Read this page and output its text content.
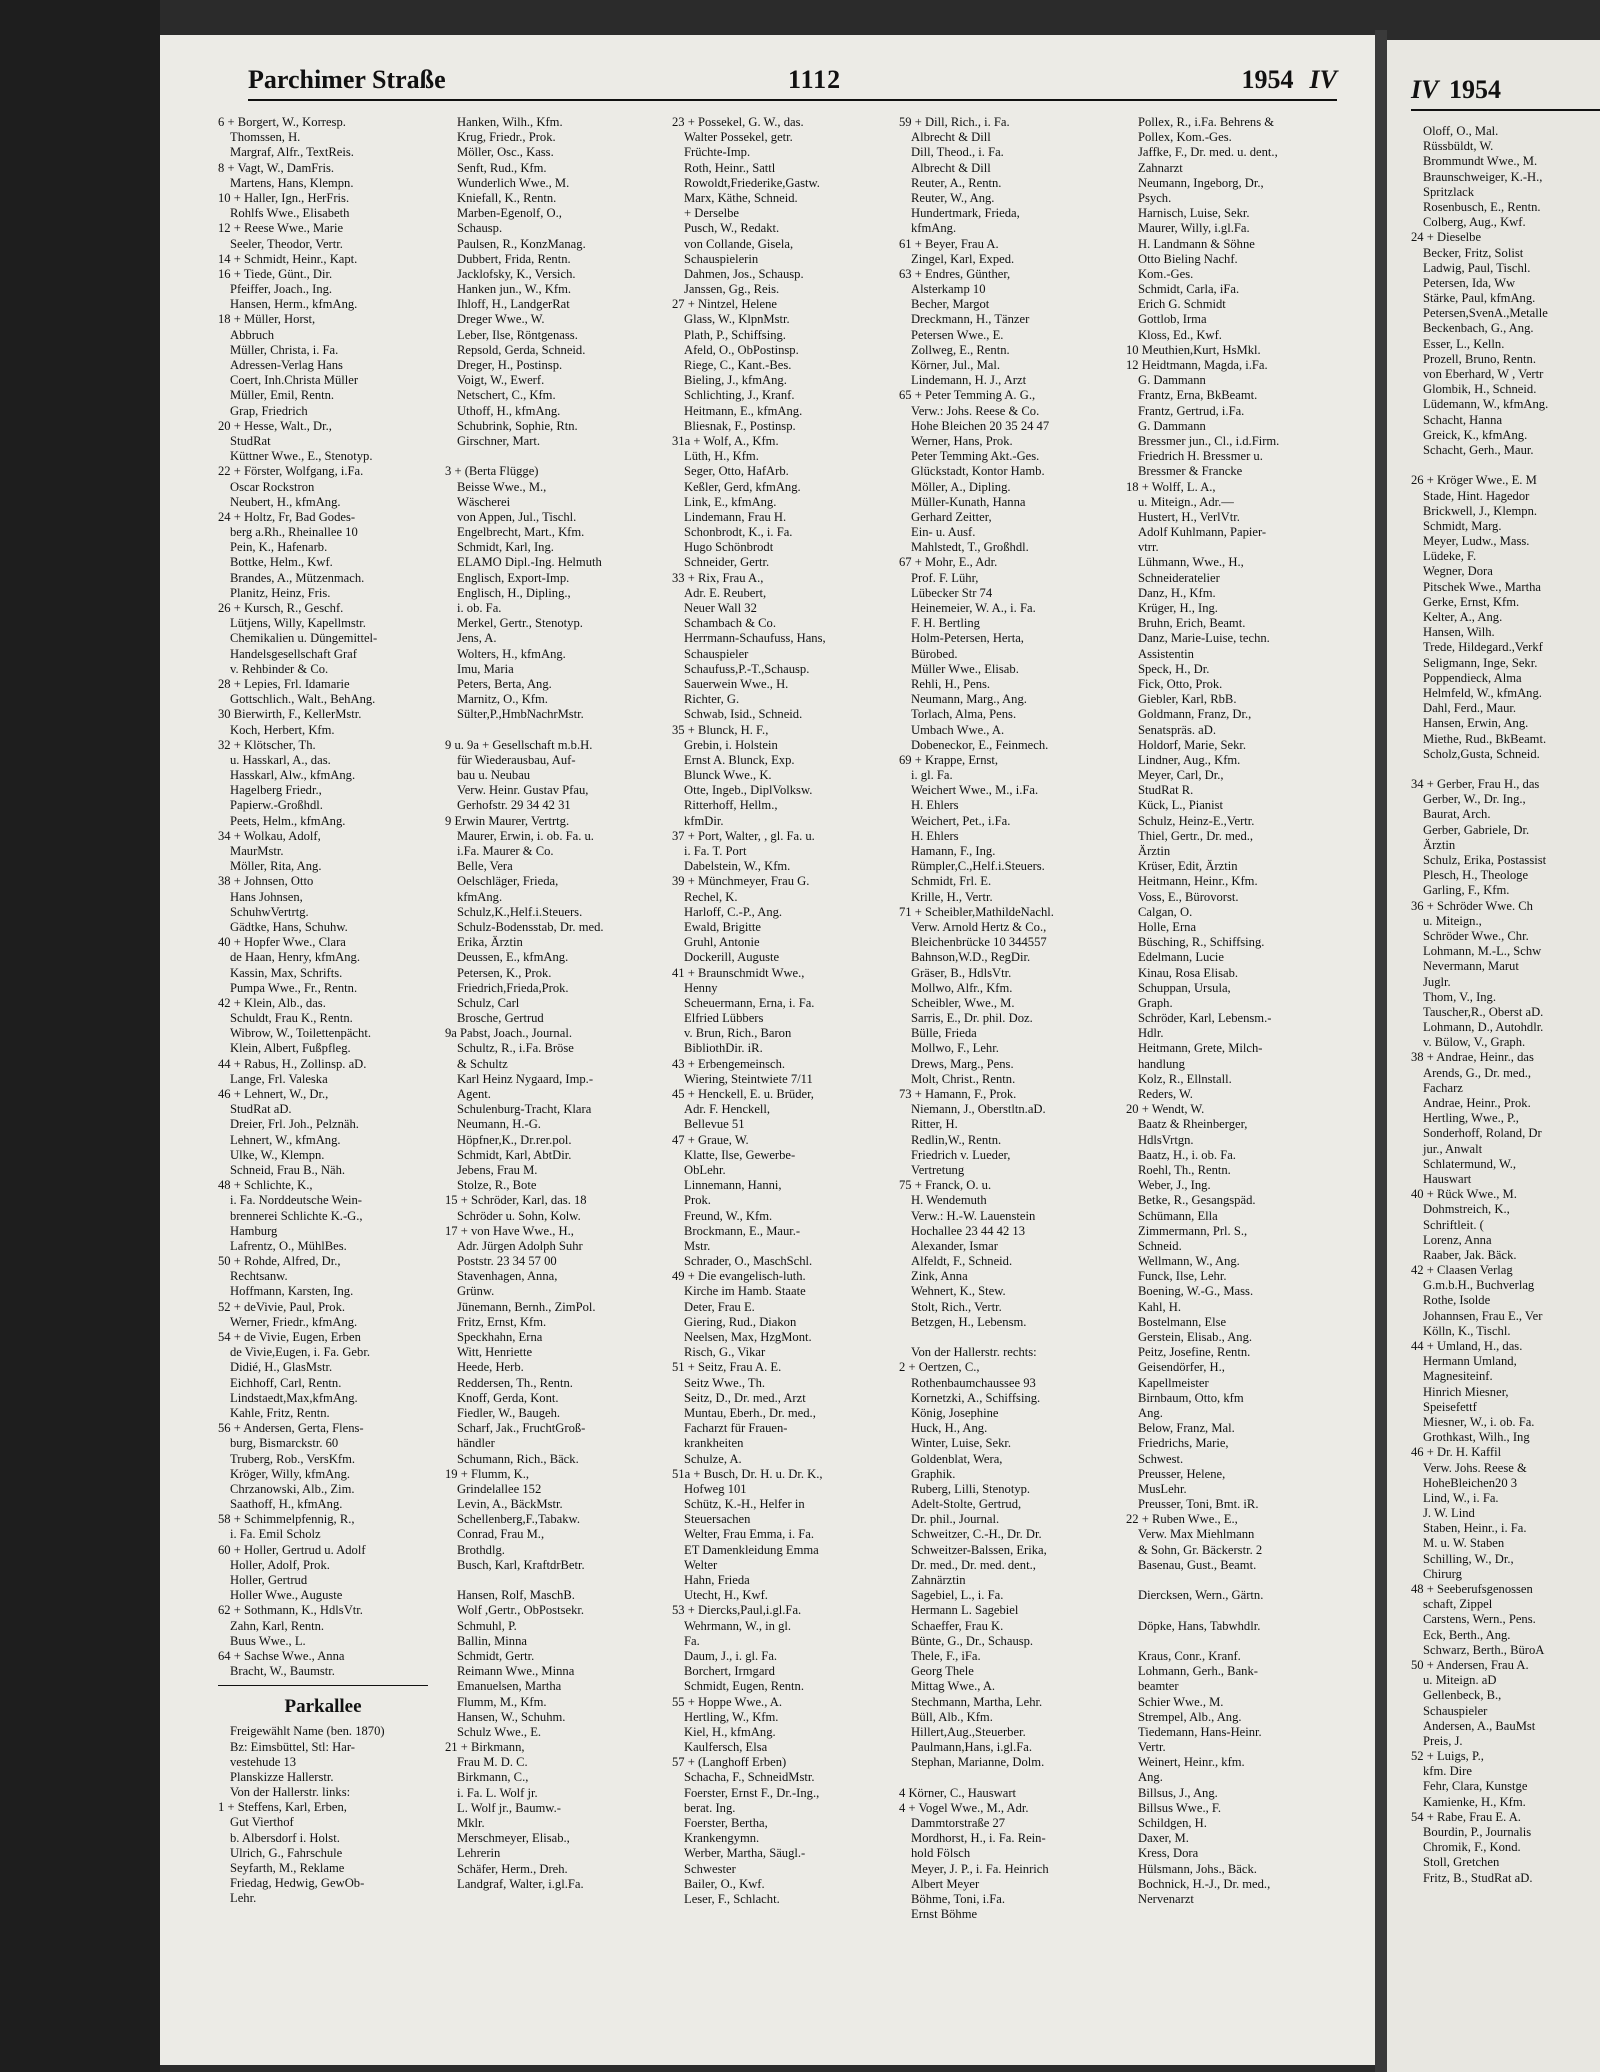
Parchimer Straße	1112	1954 IV
6 + Borgert, W., Korresp.
Thomssen, H.
Margraf, Alfr., TextReis.
8 + Vagt, W., DamFris.
Martens, Hans, Klempn.
10 + Haller, Ign., HerFris.
Rohlfs Wwe., Elisabeth
12 + Reese Wwe., Marie
Seeler, Theodor, Vertr.
14 + Schmidt, Heinr., Kapt.
16 + Tiede, Günt., Dir.
Pfeiffer, Joach., Ing.
Hansen, Herm., kfmAng.
18 + Müller, Horst,
Abbruch
Müller, Christa, i. Fa.
Adressen-Verlag Hans
Coert, Inh.Christa Müller
Müller, Emil, Rentn.
Grap, Friedrich
20 + Hesse, Walt., Dr.,
StudRat
Küttner Wwe., E., Stenotyp.
22 + Förster, Wolfgang, i.Fa.
Oscar Rockstron
Neubert, H., kfmAng.
24 + Holtz, Fr, Bad Godes-
berg a.Rh., Rheinallee 10
Pein, K., Hafenarb.
Bottke, Helm., Kwf.
Brandes, A., Mützenmach.
Planitz, Heinz, Fris.
26 + Kursch, R., Geschf.
Lütjens, Willy, Kapellmstr.
Chemikalien u. Düngemittel-
Handelsgesellschaft Graf
v. Rehbinder & Co.
28 + Lepies, Frl. Idamarie
Gottschlich., Walt., BehAng.
30 Bierwirth, F., KellerMstr.
Koch, Herbert, Kfm.
32 + Klötscher, Th.
u. Hasskarl, A., das.
Hasskarl, Alw., kfmAng.
Hagelberg Friedr.,
Papierw.-Großhdl.
Peets, Helm., kfmAng.
34 + Wolkau, Adolf,
MaurMstr.
Möller, Rita, Ang.
38 + Johnsen, Otto
Hans Johnsen,
SchuhwVertrtg.
Gädtke, Hans, Schuhw.
40 + Hopfer Wwe., Clara
de Haan, Henry, kfmAng.
Kassin, Max, Schrifts.
Pumpa Wwe., Fr., Rentn.
42 + Klein, Alb., das.
Schuldt, Frau K., Rentn.
Wibrow, W., Toilettenpächt.
Klein, Albert, Fußpfleg.
44 + Rabus, H., Zollinsp. aD.
Lange, Frl. Valeska
46 + Lehnert, W., Dr.,
StudRat aD.
Dreier, Frl. Joh., Pelznäh.
Lehnert, W., kfmAng.
Ulke, W., Klempn.
Schneid, Frau B., Näh.
48 + Schlichte, K.,
i. Fa. Norddeutsche Wein-
brennerei Schlichte K.-G.,
Hamburg
Lafrentz, O., MühlBes.
50 + Rohde, Alfred, Dr.,
Rechtsanw.
Hoffmann, Karsten, Ing.
52 + deVivie, Paul, Prok.
Werner, Friedr., kfmAng.
54 + de Vivie, Eugen, Erben
de Vivie,Eugen, i. Fa. Gebr.
Didié, H., GlasMstr.
Eichhoff, Carl, Rentn.
Lindstaedt,Max,kfmAng.
Kahle, Fritz, Rentn.
56 + Andersen, Gerta, Flens-
burg, Bismarckstr. 60
Truberg, Rob., VersKfm.
Kröger, Willy, kfmAng.
Chrzanowski, Alb., Zim.
Saathoff, H., kfmAng.
58 + Schimmelpfennig, R.,
i. Fa. Emil Scholz
60 + Holler, Gertrud u. Adolf
Holler, Adolf, Prok.
Holler, Gertrud
Holler Wwe., Auguste
62 + Sothmann, K., HdlsVtr.
Zahn, Karl, Rentn.
Buus Wwe., L.
64 + Sachse Wwe., Anna
Bracht, W., Baumstr.
Parkallee
Freigewählt Name (ben. 1870)
Bz: Eimsbüttel, Stl: Har-
vestehude 13
Planskizze Hallerstr.
Von der Hallerstr. links:
1 + Steffens, Karl, Erben,
Gut Vierthof
b. Albersdorf i. Holst.
Ulrich, G., Fahrschule
Seyfarth, M., Reklame
Friedag, Hedwig, GewOb-
Lehr.
Hanken, Wilh., Kfm.
Krug, Friedr., Prok.
Möller, Osc., Kass.
Senft, Rud., Kfm.
Wunderlich Wwe., M.
Kniefall, K., Rentn.
Marben-Egenolf, O.,
Schausp.
Paulsen, R., KonzManag.
Dubbert, Frida, Rentn.
Jacklofsky, K., Versich.
Hanken jun., W., Kfm.
Ihloff, H., LandgerRat
Dreger Wwe., W.
Leber, Ilse, Röntgenass.
Repsold, Gerda, Schneid.
Dreger, H., Postinsp.
Voigt, W., Ewerf.
Netschert, C., Kfm.
Uthoff, H., kfmAng.
Schubrink, Sophie, Rtn.
Girschner, Mart.
3 + (Berta Flügge)
Beisse Wwe., M.,
Wäscherei
von Appen, Jul., Tischl.
Engelbrecht, Mart., Kfm.
Schmidt, Karl, Ing.
ELAMO Dipl.-Ing. Helmuth
Englisch, Export-Imp.
Englisch, H., Dipling.,
i. ob. Fa.
Merkel, Gertr., Stenotyp.
Jens, A.
Wolters, H., kfmAng.
Imu, Maria
Peters, Berta, Ang.
Marnitz, O., Kfm.
Sülter,P.,HmbNachrMstr.
9 u. 9a + Gesellschaft m.b.H.
für Wiederausbau, Auf-
bau u. Neubau
Verw. Heinr. Gustav Pfau,
Gerhofstr. 29 34 42 31
9 Erwin Maurer, Vertrtg.
Maurer, Erwin, i. ob. Fa. u.
i.Fa. Maurer & Co.
Belle, Vera
Oelschläger, Frieda,
kfmAng.
Schulz,K.,Helf.i.Steuers.
Schulz-Bodensstab, Dr. med.
Erika, Ärztin
Deussen, E., kfmAng.
Petersen, K., Prok.
Friedrich,Frieda,Prok.
Schulz, Carl
Brosche, Gertrud
9a Pabst, Joach., Journal.
Schultz, R., i.Fa. Bröse
& Schultz
Karl Heinz Nygaard, Imp.-
Agent.
Schulenburg-Tracht, Klara
Neumann, H.-G.
Höpfner,K., Dr.rer.pol.
Schmidt, Karl, AbtDir.
Jebens, Frau M.
Stolze, R., Bote
15 + Schröder, Karl, das. 18
Schröder u. Sohn, Kolw.
17 + von Have Wwe., H.,
Adr. Jürgen Adolph Suhr
Poststr. 23 34 57 00
Stavenhagen, Anna,
Grünw.
Jünemann, Bernh., ZimPol.
Fritz, Ernst, Kfm.
Speckhahn, Erna
Witt, Henriette
Heede, Herb.
Reddersen, Th., Rentn.
Knoff, Gerda, Kont.
Fiedler, W., Baugeh.
Scharf, Jak., FruchtGroß-
händler
Schumann, Rich., Bäck.
19 + Flumm, K.,
Grindelallee 152
Levin, A., BäckMstr.
Schellenberg,F.,Tabakw.
Conrad, Frau M.,
Brothdlg.
Busch, Karl, KraftdrBetr.
Hansen, Rolf, MaschB.
Wolf ,Gertr., ObPostsekr.
Schmuhl, P.
Ballin, Minna
Schmidt, Gertr.
Reimann Wwe., Minna
Emanuelsen, Martha
Flumm, M., Kfm.
Hansen, W., Schuhm.
Schulz Wwe., E.
21 + Birkmann,
Frau M. D. C.
Birkmann, C.,
i. Fa. L. Wolf jr.
L. Wolf jr., Baumw.-
Mklr.
Merschmeyer, Elisab.,
Lehrerin
Schäfer, Herm., Dreh.
Landgraf, Walter, i.gl.Fa.
23 + Possekel, G. W., das.
Walter Possekel, getr.
Früchte-Imp.
Roth, Heinr., Sattl
Rowoldt,Friederike,Gastw.
Marx, Käthe, Schneid.
+ Derselbe
Pusch, W., Redakt.
von Collande, Gisela,
Schauspielerin
Dahmen, Jos., Schausp.
Janssen, Gg., Reis.
27 + Nintzel, Helene
Glass, W., KlpnMstr.
Plath, P., Schiffsing.
Afeld, O., ObPostinsp.
Riege, C., Kant.-Bes.
Bieling, J., kfmAng.
Schlichting, J., Kranf.
Heitmann, E., kfmAng.
Bliesnak, F., Postinsp.
31a + Wolf, A., Kfm.
Lüth, H., Kfm.
Seger, Otto, HafArb.
Keßler, Gerd, kfmAng.
Link, E., kfmAng.
Lindemann, Frau H.
Schonbrodt, K., i. Fa.
Hugo Schönbrodt
Schneider, Gertr.
33 + Rix, Frau A.,
Adr. E. Reubert,
Neuer Wall 32
Schambach & Co.
Herrmann-Schaufuss, Hans,
Schauspieler
Schaufuss,P.-T.,Schausp.
Sauerwein Wwe., H.
Richter, G.
Schwab, Isid., Schneid.
35 + Blunck, H. F.,
Grebin, i. Holstein
Ernst A. Blunck, Exp.
Blunck Wwe., K.
Otte, Ingeb., DiplVolksw.
Ritterhoff, Hellm.,
kfmDir.
37 + Port, Walter, , gl. Fa. u.
i. Fa. T. Port
Dabelstein, W., Kfm.
39 + Münchmeyer, Frau G.
Rechel, K.
Harloff, C.-P., Ang.
Ewald, Brigitte
Gruhl, Antonie
Dockerill, Auguste
41 + Braunschmidt Wwe.,
Henny
Scheuermann, Erna, i. Fa.
Elfried Lübbers
v. Brun, Rich., Baron
BibliothDir. iR.
43 + Erbengemeinsch.
Wiering, Steintwiete 7/11
45 + Henckell, E. u. Brüder,
Adr. F. Henckell,
Bellevue 51
47 + Graue, W.
Klatte, Ilse, Gewerbe-
ObLehr.
Linnemann, Hanni,
Prok.
Freund, W., Kfm.
Brockmann, E., Maur.-
Mstr.
Schrader, O., MaschSchl.
49 + Die evangelisch-luth.
Kirche im Hamb. Staate
Deter, Frau E.
Giering, Rud., Diakon
Neelsen, Max, HzgMont.
Risch, G., Vikar
51 + Seitz, Frau A. E.
Seitz Wwe., Th.
Seitz, D., Dr. med., Arzt
Muntau, Eberh., Dr. med.,
Facharzt für Frauen-
krankheiten
Schulze, A.
51a + Busch, Dr. H. u. Dr. K.,
Hofweg 101
Schütz, K.-H., Helfer in
Steuersachen
Welter, Frau Emma, i. Fa.
ET Damenkleidung Emma
Welter
Hahn, Frieda
Utecht, H., Kwf.
53 + Diercks,Paul,i.gl.Fa.
Wehrmann, W., in gl.
Fa.
Daum, J., i. gl. Fa.
Borchert, Irmgard
Schmidt, Eugen, Rentn.
55 + Hoppe Wwe., A.
Hertling, W., Kfm.
Kiel, H., kfmAng.
Kaulfersch, Elsa
57 + (Langhoff Erben)
Schacha, F., SchneidMstr.
Foerster, Ernst F., Dr.-Ing.,
berat. Ing.
Foerster, Bertha,
Krankengymn.
Werber, Martha, Säugl.-
Schwester
Bailer, O., Kwf.
Leser, F., Schlacht.
59 + Dill, Rich., i. Fa.
Albrecht & Dill
Dill, Theod., i. Fa.
Albrecht & Dill
Reuter, A., Rentn.
Reuter, W., Ang.
Hundertmark, Frieda,
kfmAng.
61 + Beyer, Frau A.
Zingel, Karl, Exped.
63 + Endres, Günther,
Alsterkamp 10
Becher, Margot
Dreckmann, H., Tänzer
Petersen Wwe., E.
Zollweg, E., Rentn.
Körner, Jul., Mal.
Lindemann, H. J., Arzt
65 + Peter Temming A. G.,
Verw.: Johs. Reese & Co.
Hohe Bleichen 20 35 24 47
Werner, Hans, Prok.
Peter Temming Akt.-Ges.
Glückstadt, Kontor Hamb.
Möller, A., Dipling.
Müller-Kunath, Hanna
Gerhard Zeitter,
Ein- u. Ausf.
Mahlstedt, T., Großhdl.
67 + Mohr, E., Adr.
Prof. F. Lühr,
Lübecker Str 74
Heinemeier, W. A., i. Fa.
F. H. Bertling
Holm-Petersen, Herta,
Bürobed.
Müller Wwe., Elisab.
Rehli, H., Pens.
Neumann, Marg., Ang.
Torlach, Alma, Pens.
Umbach Wwe., A.
Dobeneckor, E., Feinmech.
69 + Krappe, Ernst,
i. gl. Fa.
Weichert Wwe., M., i.Fa.
H. Ehlers
Weichert, Pet., i.Fa.
H. Ehlers
Hamann, F., Ing.
Rümpler,C.,Helf.i.Steuers.
Schmidt, Frl. E.
Krille, H., Vertr.
71 + Scheibler,MathildeNachl.
Verw. Arnold Hertz & Co.,
Bleichenbrücke 10 344557
Bahnson,W.D., RegDir.
Gräser, B., HdlsVtr.
Mollwo, Alfr., Kfm.
Scheibler, Wwe., M.
Sarris, E., Dr. phil. Doz.
Bülle, Frieda
Mollwo, F., Lehr.
Drews, Marg., Pens.
Molt, Christ., Rentn.
73 + Hamann, F., Prok.
Niemann, J., Oberstltn.aD.
Ritter, H.
Redlin,W., Rentn.
Friedrich v. Lueder,
Vertretung
75 + Franck, O. u.
H. Wendemuth
Verw.: H.-W. Lauenstein
Hochallee 23 44 42 13
Alexander, Ismar
Alfeldt, F., Schneid.
Zink, Anna
Wehnert, K., Stew.
Stolt, Rich., Vertr.
Betzgen, H., Lebensm.
Von der Hallerstr. rechts:
2 + Oertzen, C.,
Rothenbaumchaussee 93
Kornetzki, A., Schiffsing.
König, Josephine
Huck, H., Ang.
Winter, Luise, Sekr.
Goldenblat, Wera,
Graphik.
Ruberg, Lilli, Stenotyp.
Adelt-Stolte, Gertrud,
Dr. phil., Journal.
Schweitzer, C.-H., Dr. Dr.
Schweitzer-Balssen, Erika,
Dr. med., Dr. med. dent.,
Zahnärztin
Sagebiel, L., i. Fa.
Hermann L. Sagebiel
Schaeffer, Frau K.
Bünte, G., Dr., Schausp.
Thele, F., iFa.
Georg Thele
Mittag Wwe., A.
Stechmann, Martha, Lehr.
Büll, Alb., Kfm.
Hillert,Aug.,Steuerber.
Paulmann,Hans, i.gl.Fa.
Stephan, Marianne, Dolm.
4 Körner, C., Hauswart
4 + Vogel Wwe., M., Adr.
Dammtorstraße 27
Mordhorst, H., i. Fa. Rein-
hold Fölsch
Meyer, J. P., i. Fa. Heinrich
Albert Meyer
Böhme, Toni, i.Fa.
Ernst Böhme
Pollex, R., i.Fa. Behrens &
Pollex, Kom.-Ges.
Jaffke, F., Dr. med. u. dent.,
Zahnarzt
Neumann, Ingeborg, Dr.,
Psych.
Harnisch, Luise, Sekr.
Maurer, Willy, i.gl.Fa.
H. Landmann & Söhne
Otto Bieling Nachf.
Kom.-Ges.
Schmidt, Carla, iFa.
Erich G. Schmidt
Gottlob, Irma
Kloss, Ed., Kwf.
10 Meuthien,Kurt, HsMkl.
12 Heidtmann, Magda, i.Fa.
G. Dammann
Frantz, Erna, BkBeamt.
Frantz, Gertrud, i.Fa.
G. Dammann
Bressmer jun., Cl., i.d.Firm.
Friedrich H. Bressmer u.
Bressmer & Francke
18 + Wolff, L. A.,
u. Miteign., Adr.—
Hustert, H., VerlVtr.
Adolf Kuhlmann, Papier-
vtrr.
Lühmann, Wwe., H.,
Schneideratelier
Danz, H., Kfm.
Krüger, H., Ing.
Bruhn, Erich, Beamt.
Danz, Marie-Luise, techn.
Assistentin
Speck, H., Dr.
Fick, Otto, Prok.
Giebler, Karl, RbB.
Goldmann, Franz, Dr.,
Senatspräs. aD.
Holdorf, Marie, Sekr.
Lindner, Aug., Kfm.
Meyer, Carl, Dr.,
StudRat R.
Kück, L., Pianist
Schulz, Heinz-E.,Vertr.
Thiel, Gertr., Dr. med.,
Ärztin
Krüser, Edit, Ärztin
Heitmann, Heinr., Kfm.
Voss, E., Bürovorst.
Calgan, O.
Holle, Erna
Büsching, R., Schiffsing.
Edelmann, Lucie
Kinau, Rosa Elisab.
Schuppan, Ursula,
Graph.
Schröder, Karl, Lebensm.-
Hdlr.
Heitmann, Grete, Milch-
handlung
Kolz, R., Ellnstall.
Reders, W.
20 + Wendt, W.
Baatz & Rheinberger,
HdlsVrtgn.
Baatz, H., i. ob. Fa.
Roehl, Th., Rentn.
Weber, J., Ing.
Betke, R., Gesangspäd.
Schümann, Ella
Zimmermann, Prl. S.,
Schneid.
Wellmann, W., Ang.
Funck, Ilse, Lehr.
Boening, W.-G., Mass.
Kahl, H.
Bostelmann, Else
Gerstein, Elisab., Ang.
Peitz, Josefine, Rentn.
Geisendörfer, H.,
Kapellmeister
Birnbaum, Otto, kfm
Ang.
Below, Franz, Mal.
Friedrichs, Marie,
Schwest.
Preusser, Helene,
MusLehr.
Preusser, Toni, Bmt. iR.
22 + Ruben Wwe., E.,
Verw. Max Miehlmann
& Sohn, Gr. Bäckerstr. 2
Basenau, Gust., Beamt.
Diercksen, Wern., Gärtn.
Döpke, Hans, Tabwhdlr.
Kraus, Conr., Kranf.
Lohmann, Gerh., Bank-
beamter
Schier Wwe., M.
Strempel, Alb., Ang.
Tiedemann, Hans-Heinr.
Vertr.
Weinert, Heinr., kfm.
Ang.
Billsus, J., Ang.
Billsus Wwe., F.
Schildgen, H.
Daxer, M.
Kress, Dora
Hülsmann, Johs., Bäck.
Bochnick, H.-J., Dr. med.,
Nervenarzt
IV 1954
Oloff, O., Mal.
Rüssbüldt, W.
Brommundt Wwe., M.
Braunschweiger, K.-H.,
Spritzlack
Rosenbusch, E., Rentn.
Colberg, Aug., Kwf.
24 + Dieselbe
Becker, Fritz, Solist
Ladwig, Paul, Tischl.
Petersen, Ida, Ww
Stärke, Paul, kfmAng.
Petersen,SvenA.,Metalle
Beckenbach, G., Ang.
Esser, L., Kelln.
Prozell, Bruno, Rentn.
von Eberhard, W , Vertr
Glombik, H., Schneid.
Lüdemann, W., kfmAng.
Schacht, Hanna
Greick, K., kfmAng.
Schacht, Gerh., Maur.
26 + Kröger Wwe., E. M
Stade, Hint. Hagedor
Brickwell, J., Klempn.
Schmidt, Marg.
Meyer, Ludw., Mass.
Lüdeke, F.
Wegner, Dora
Pitschek Wwe., Martha
Gerke, Ernst, Kfm.
Kelter, A., Ang.
Hansen, Wilh.
Trede, Hildegard.,Verkf
Seligmann, Inge, Sekr.
Poppendieck, Alma
Helmfeld, W., kfmAng.
Dahl, Ferd., Maur.
Hansen, Erwin, Ang.
Miethe, Rud., BkBeamt.
Scholz,Gusta, Schneid.
34 + Gerber, Frau H., das
Gerber, W., Dr. Ing.,
Baurat, Arch.
Gerber, Gabriele, Dr.
Ärztin
Schulz, Erika, Postassist
Plesch, H., Theologe
Garling, F., Kfm.
36 + Schröder Wwe. Ch
u. Miteign.,
Schröder Wwe., Chr.
Lohmann, M.-L., Schw
Nevermann, Marut
Juglr.
Thom, V., Ing.
Tauscher,R., Oberst aD.
Lohmann, D., Autohdlr.
v. Bülow, V., Graph.
38 + Andrae, Heinr., das
Arends, G., Dr. med.,
Facharz
Andrae, Heinr., Prok.
Hertling, Wwe., P.,
Sonderhoff, Roland, Dr
jur., Anwalt
Schlatermund, W.,
Hauswart
40 + Rück Wwe., M.
Dohmstreich, K.,
Schriftleit. (
Lorenz, Anna
Raaber, Jak. Bäck.
42 + Claasen Verlag
G.m.b.H., Buchverlag
Rothe, Isolde
Johannsen, Frau E., Ver
Kölln, K., Tischl.
44 + Umland, H., das.
Hermann Umland,
Magnesiteinf.
Hinrich Miesner,
Speisefettf
Miesner, W., i. ob. Fa.
Grothkast, Wilh., Ing
46 + Dr. H. Kaffil
Verw. Johs. Reese &
HoheBleichen20 3
Lind, W., i. Fa.
J. W. Lind
Staben, Heinr., i. Fa.
M. u. W. Staben
Schilling, W., Dr.,
Chirurg
48 + Seeberufsgenossen
schaft, Zippel
Carstens, Wern., Pens.
Eck, Berth., Ang.
Schwarz, Berth., BüroA
50 + Andersen, Frau A.
u. Miteign. aD
Gellenbeck, B.,
Schauspieler
Andersen, A., BauMst
Preis, J.
52 + Luigs, P.,
kfm. Dire
Fehr, Clara, Kunstge
Kamienke, H., Kfm.
54 + Rabe, Frau E. A.
Bourdin, P., Journalis
Chromik, F., Kond.
Stoll, Gretchen
Fritz, B., StudRat aD.
